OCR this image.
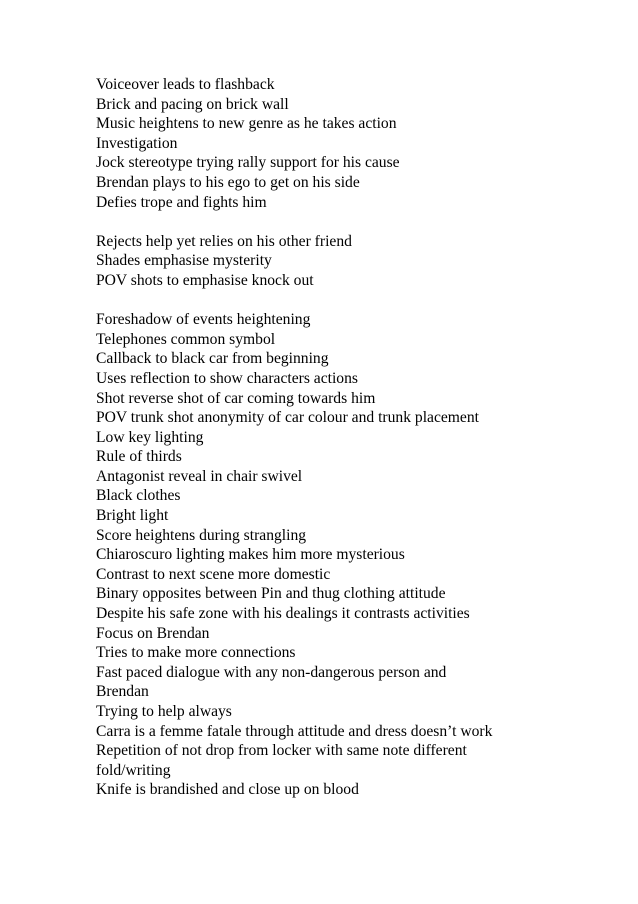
Voiceover leads to flashback
Brick and pacing on brick wall
Music heightens to new genre as he takes action
Investigation
Jock stereotype trying rally support for his cause
Brendan plays to his ego to get on his side
Defies trope and fights him
Rejects help yet relies on his other friend
Shades emphasise mysterity
POV shots to emphasise knock out
Foreshadow of events heightening
Telephones common symbol
Callback to black car from beginning
Uses reflection to show characters actions
Shot reverse shot of car coming towards him
POV trunk shot anonymity of car colour and trunk placement
Low key lighting
Rule of thirds
Antagonist reveal in chair swivel
Black clothes
Bright light
Score heightens during strangling
Chiaroscuro lighting makes him more mysterious
Contrast to next scene more domestic
Binary opposites between Pin and thug clothing attitude
Despite his safe zone with his dealings it contrasts activities
Focus on Brendan
Tries to make more connections
Fast paced dialogue with any non-dangerous person and
Brendan
Trying to help always
Carra is a femme fatale through attitude and dress doesn’t work
Repetition of not drop from locker with same note different
fold/writing
Knife is brandished and close up on blood
